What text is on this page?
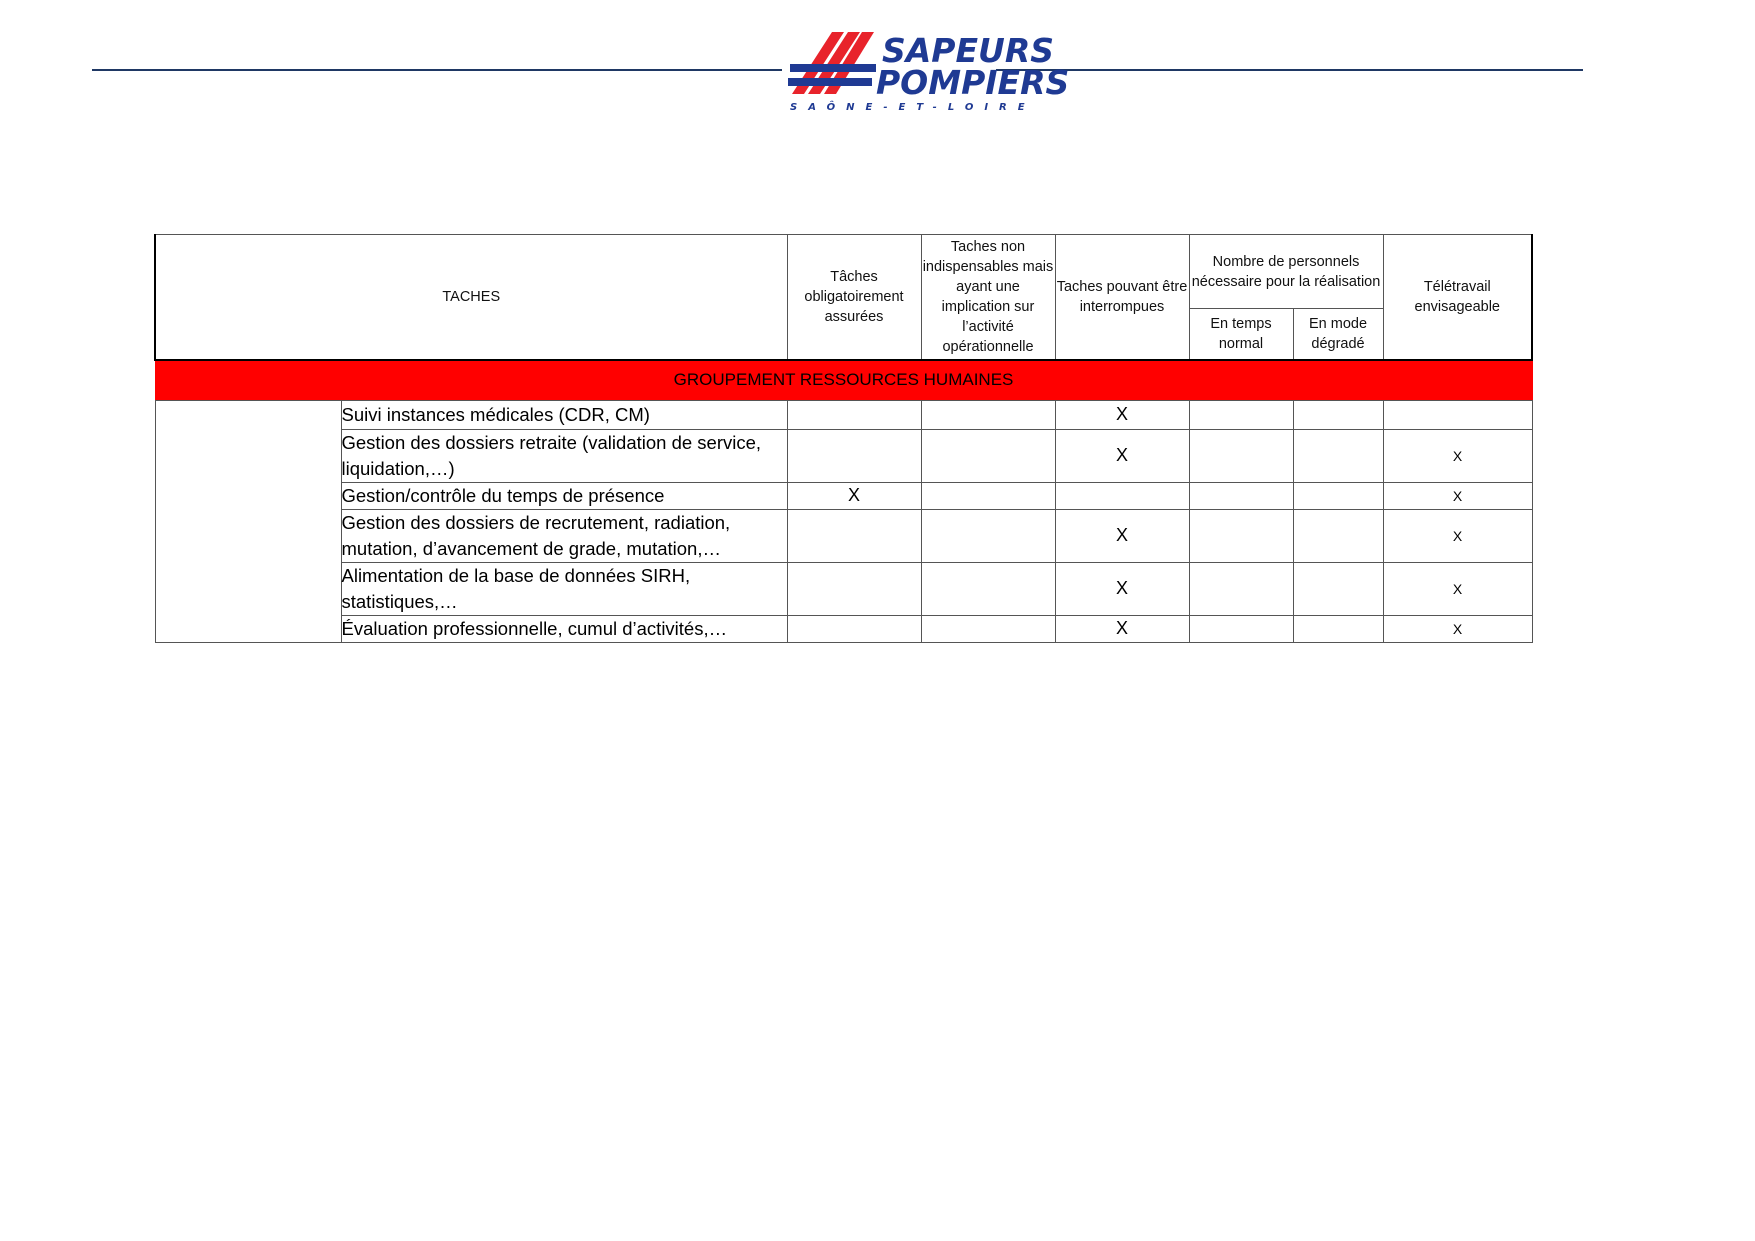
SAPEURS
POMPIERS
SAÔNE-ET-LOIRE
TACHES		Tâches obligatoirement assurées	Taches non indispensables mais ayant une implication sur l’activité opérationnelle	Taches pouvant être interrompues	Nombre de personnels nécessaire pour la réalisation		Télétravail envisageable
					En temps normal	En mode dégradé	
GROUPEMENT RESSOURCES HUMAINES							
	Suivi instances médicales (CDR, CM)			X			
	Gestion des dossiers retraite (validation de service, liquidation,…)			X			X
	Gestion/contrôle du temps de présence	X					X
	Gestion des dossiers de recrutement, radiation, mutation, d’avancement de grade, mutation,…			X			X
	Alimentation de la base de données SIRH, statistiques,…			X			X
	Évaluation professionnelle, cumul d’activités,…			X			X
